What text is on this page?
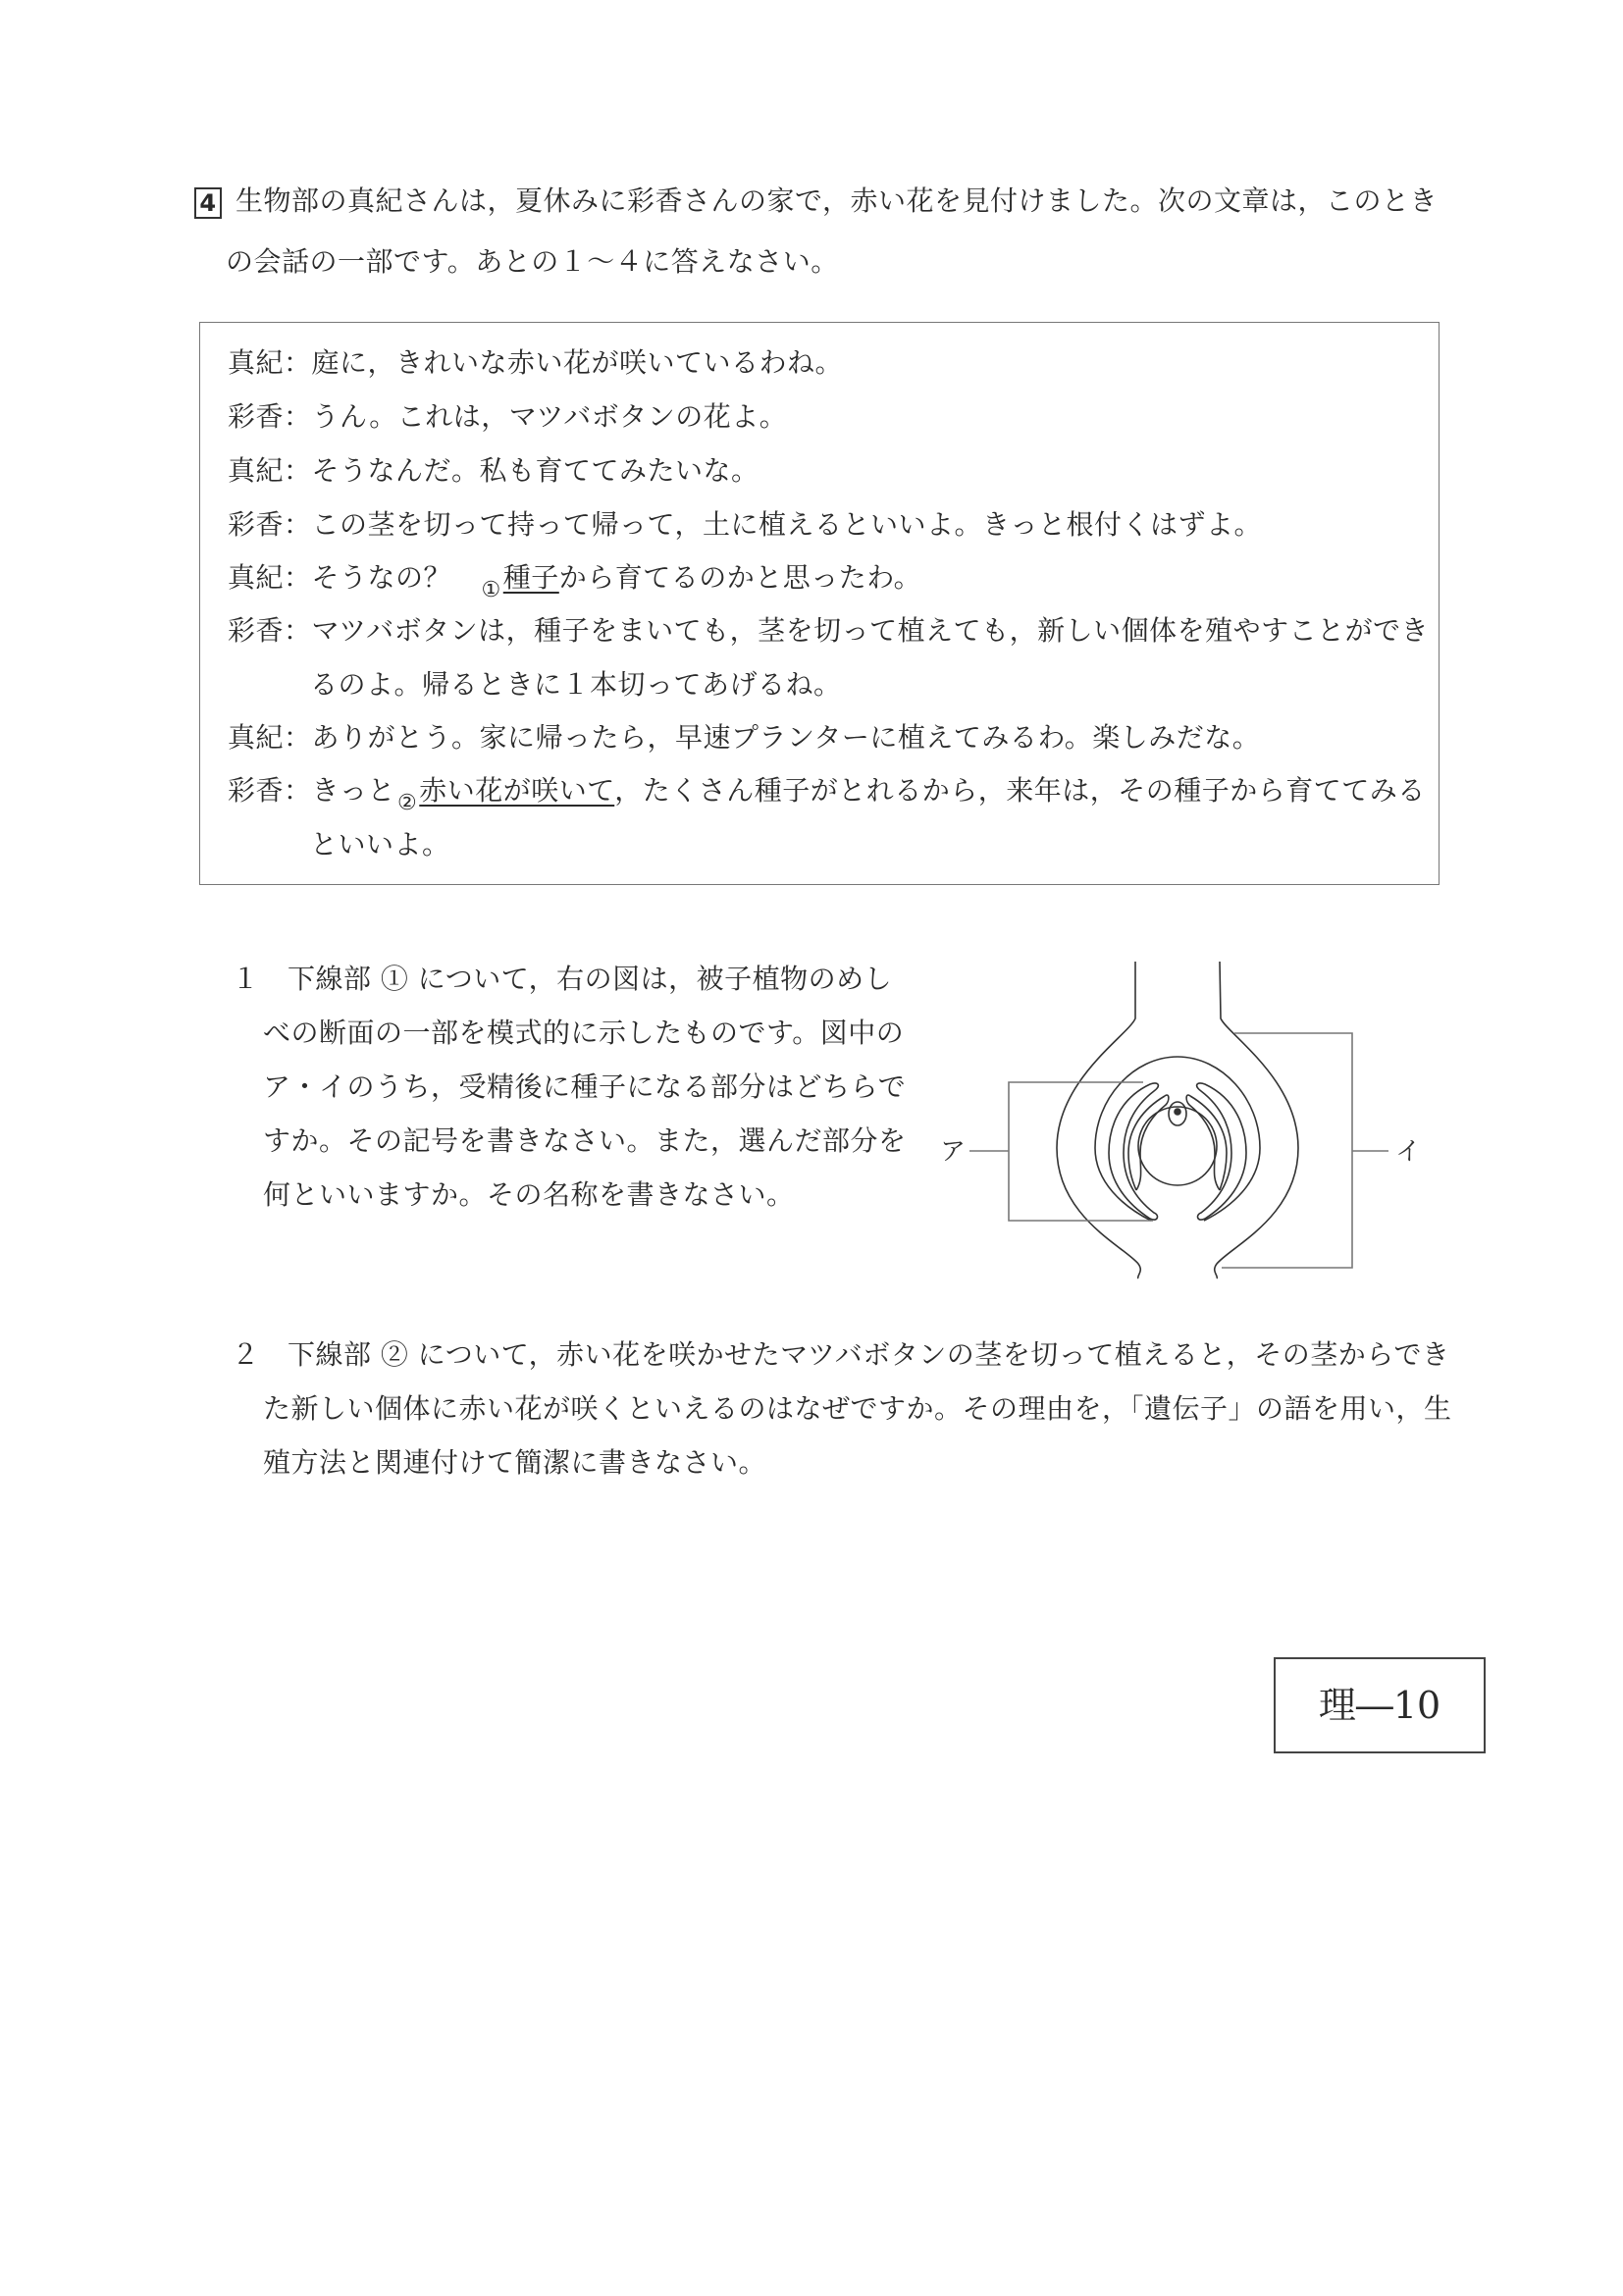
4 生物部の真紀さんは，夏休みに彩香さんの家で，赤い花を見付けました。次の文章は，このとき
の会話の一部です。あとの１～４に答えなさい。
真紀：庭に，きれいな赤い花が咲いているわね。
彩香：うん。これは，マツバボタンの花よ。
真紀：そうなんだ。私も育ててみたいな。
彩香：この茎を切って持って帰って，土に植えるといいよ。きっと根付くはずよ。
真紀：そうなの？　$_①$種子から育てるのかと思ったわ。
彩香：マツバボタンは，種子をまいても，茎を切って植えても，新しい個体を殖やすことができ
るのよ。帰るときに１本切ってあげるね。
真紀：ありがとう。家に帰ったら，早速プランターに植えてみるわ。楽しみだな。
彩香：きっと$_②$赤い花が咲いて，たくさん種子がとれるから，来年は，その種子から育ててみる
といいよ。
１　下線部 ① について，右の図は，被子植物のめし
べの断面の一部を模式的に示したものです。図中の
ア・イのうち，受精後に種子になる部分はどちらで
すか。その記号を書きなさい。また，選んだ部分を
何といいますか。その名称を書きなさい。
ア	イ
２　下線部 ② について，赤い花を咲かせたマツバボタンの茎を切って植えると，その茎からでき
た新しい個体に赤い花が咲くといえるのはなぜですか。その理由を，「遺伝子」の語を用い，生
殖方法と関連付けて簡潔に書きなさい。
理―10
